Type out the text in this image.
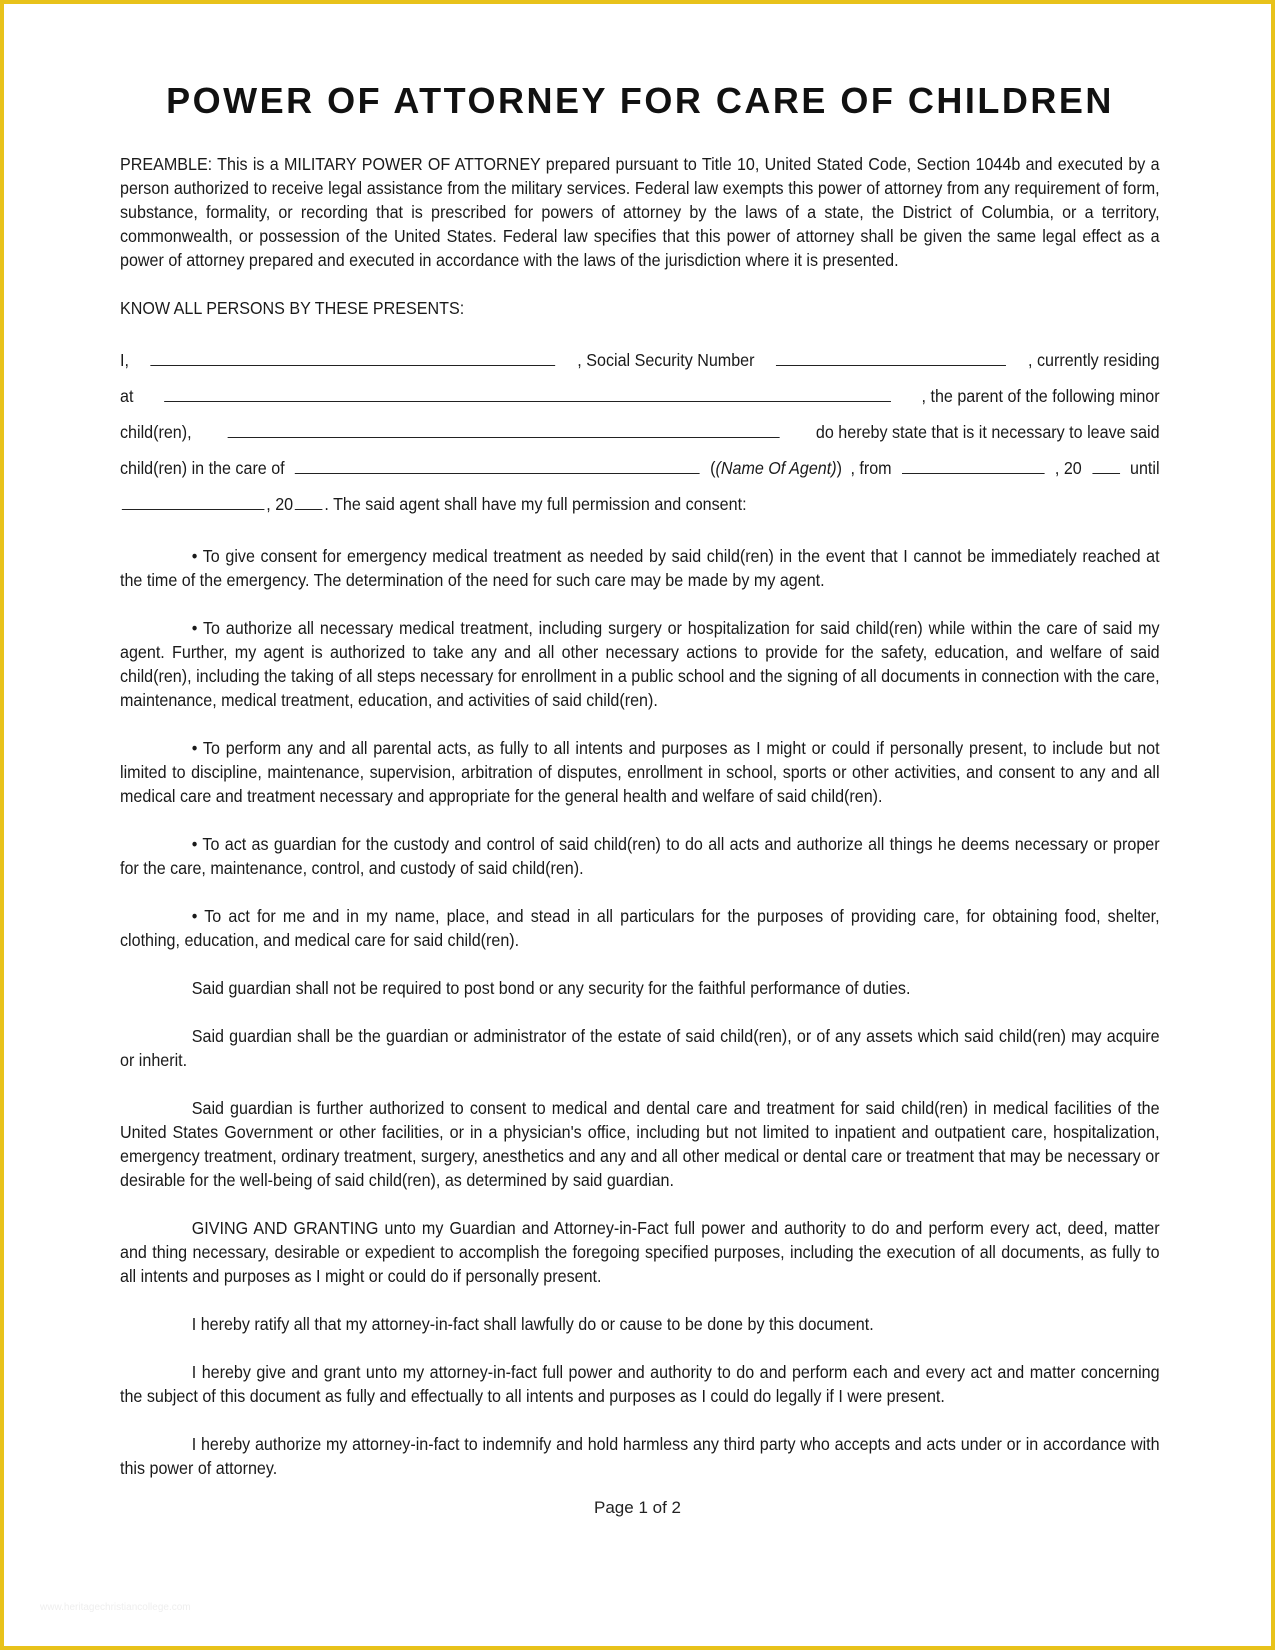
POWER OF ATTORNEY FOR CARE OF CHILDREN

PREAMBLE: This is a MILITARY POWER OF ATTORNEY prepared pursuant to Title 10, United Stated Code, Section 1044b and executed by a person authorized to receive legal assistance from the military services. Federal law exempts this power of attorney from any requirement of form, substance, formality, or recording that is prescribed for powers of attorney by the laws of a state, the District of Columbia, or a territory, commonwealth, or possession of the United States. Federal law specifies that this power of attorney shall be given the same legal effect as a power of attorney prepared and executed in accordance with the laws of the jurisdiction where it is presented.

KNOW ALL PERSONS BY THESE PRESENTS:

I,	, Social Security Number	, currently residing
at	, the parent of the following minor
child(ren),	do hereby state that is it necessary to leave said
child(ren) in the care of	((Name Of Agent)) , from	, 20	until
, 20 . The said agent shall have my full permission and consent:

• To give consent for emergency medical treatment as needed by said child(ren) in the event that I cannot be immediately reached at the time of the emergency. The determination of the need for such care may be made by my agent.

• To authorize all necessary medical treatment, including surgery or hospitalization for said child(ren) while within the care of said my agent. Further, my agent is authorized to take any and all other necessary actions to provide for the safety, education, and welfare of said child(ren), including the taking of all steps necessary for enrollment in a public school and the signing of all documents in connection with the care, maintenance, medical treatment, education, and activities of said child(ren).

• To perform any and all parental acts, as fully to all intents and purposes as I might or could if personally present, to include but not limited to discipline, maintenance, supervision, arbitration of disputes, enrollment in school, sports or other activities, and consent to any and all medical care and treatment necessary and appropriate for the general health and welfare of said child(ren).

• To act as guardian for the custody and control of said child(ren) to do all acts and authorize all things he deems necessary or proper for the care, maintenance, control, and custody of said child(ren).

• To act for me and in my name, place, and stead in all particulars for the purposes of providing care, for obtaining food, shelter, clothing, education, and medical care for said child(ren).

Said guardian shall not be required to post bond or any security for the faithful performance of duties.

Said guardian shall be the guardian or administrator of the estate of said child(ren), or of any assets which said child(ren) may acquire or inherit.

Said guardian is further authorized to consent to medical and dental care and treatment for said child(ren) in medical facilities of the United States Government or other facilities, or in a physician's office, including but not limited to inpatient and outpatient care, hospitalization, emergency treatment, ordinary treatment, surgery, anesthetics and any and all other medical or dental care or treatment that may be necessary or desirable for the well-being of said child(ren), as determined by said guardian.

GIVING AND GRANTING unto my Guardian and Attorney-in-Fact full power and authority to do and perform every act, deed, matter and thing necessary, desirable or expedient to accomplish the foregoing specified purposes, including the execution of all documents, as fully to all intents and purposes as I might or could do if personally present.

I hereby ratify all that my attorney-in-fact shall lawfully do or cause to be done by this document.

I hereby give and grant unto my attorney-in-fact full power and authority to do and perform each and every act and matter concerning the subject of this document as fully and effectually to all intents and purposes as I could do legally if I were present.

I hereby authorize my attorney-in-fact to indemnify and hold harmless any third party who accepts and acts under or in accordance with this power of attorney.

Page 1 of 2
www.heritagechristiancollege.com
